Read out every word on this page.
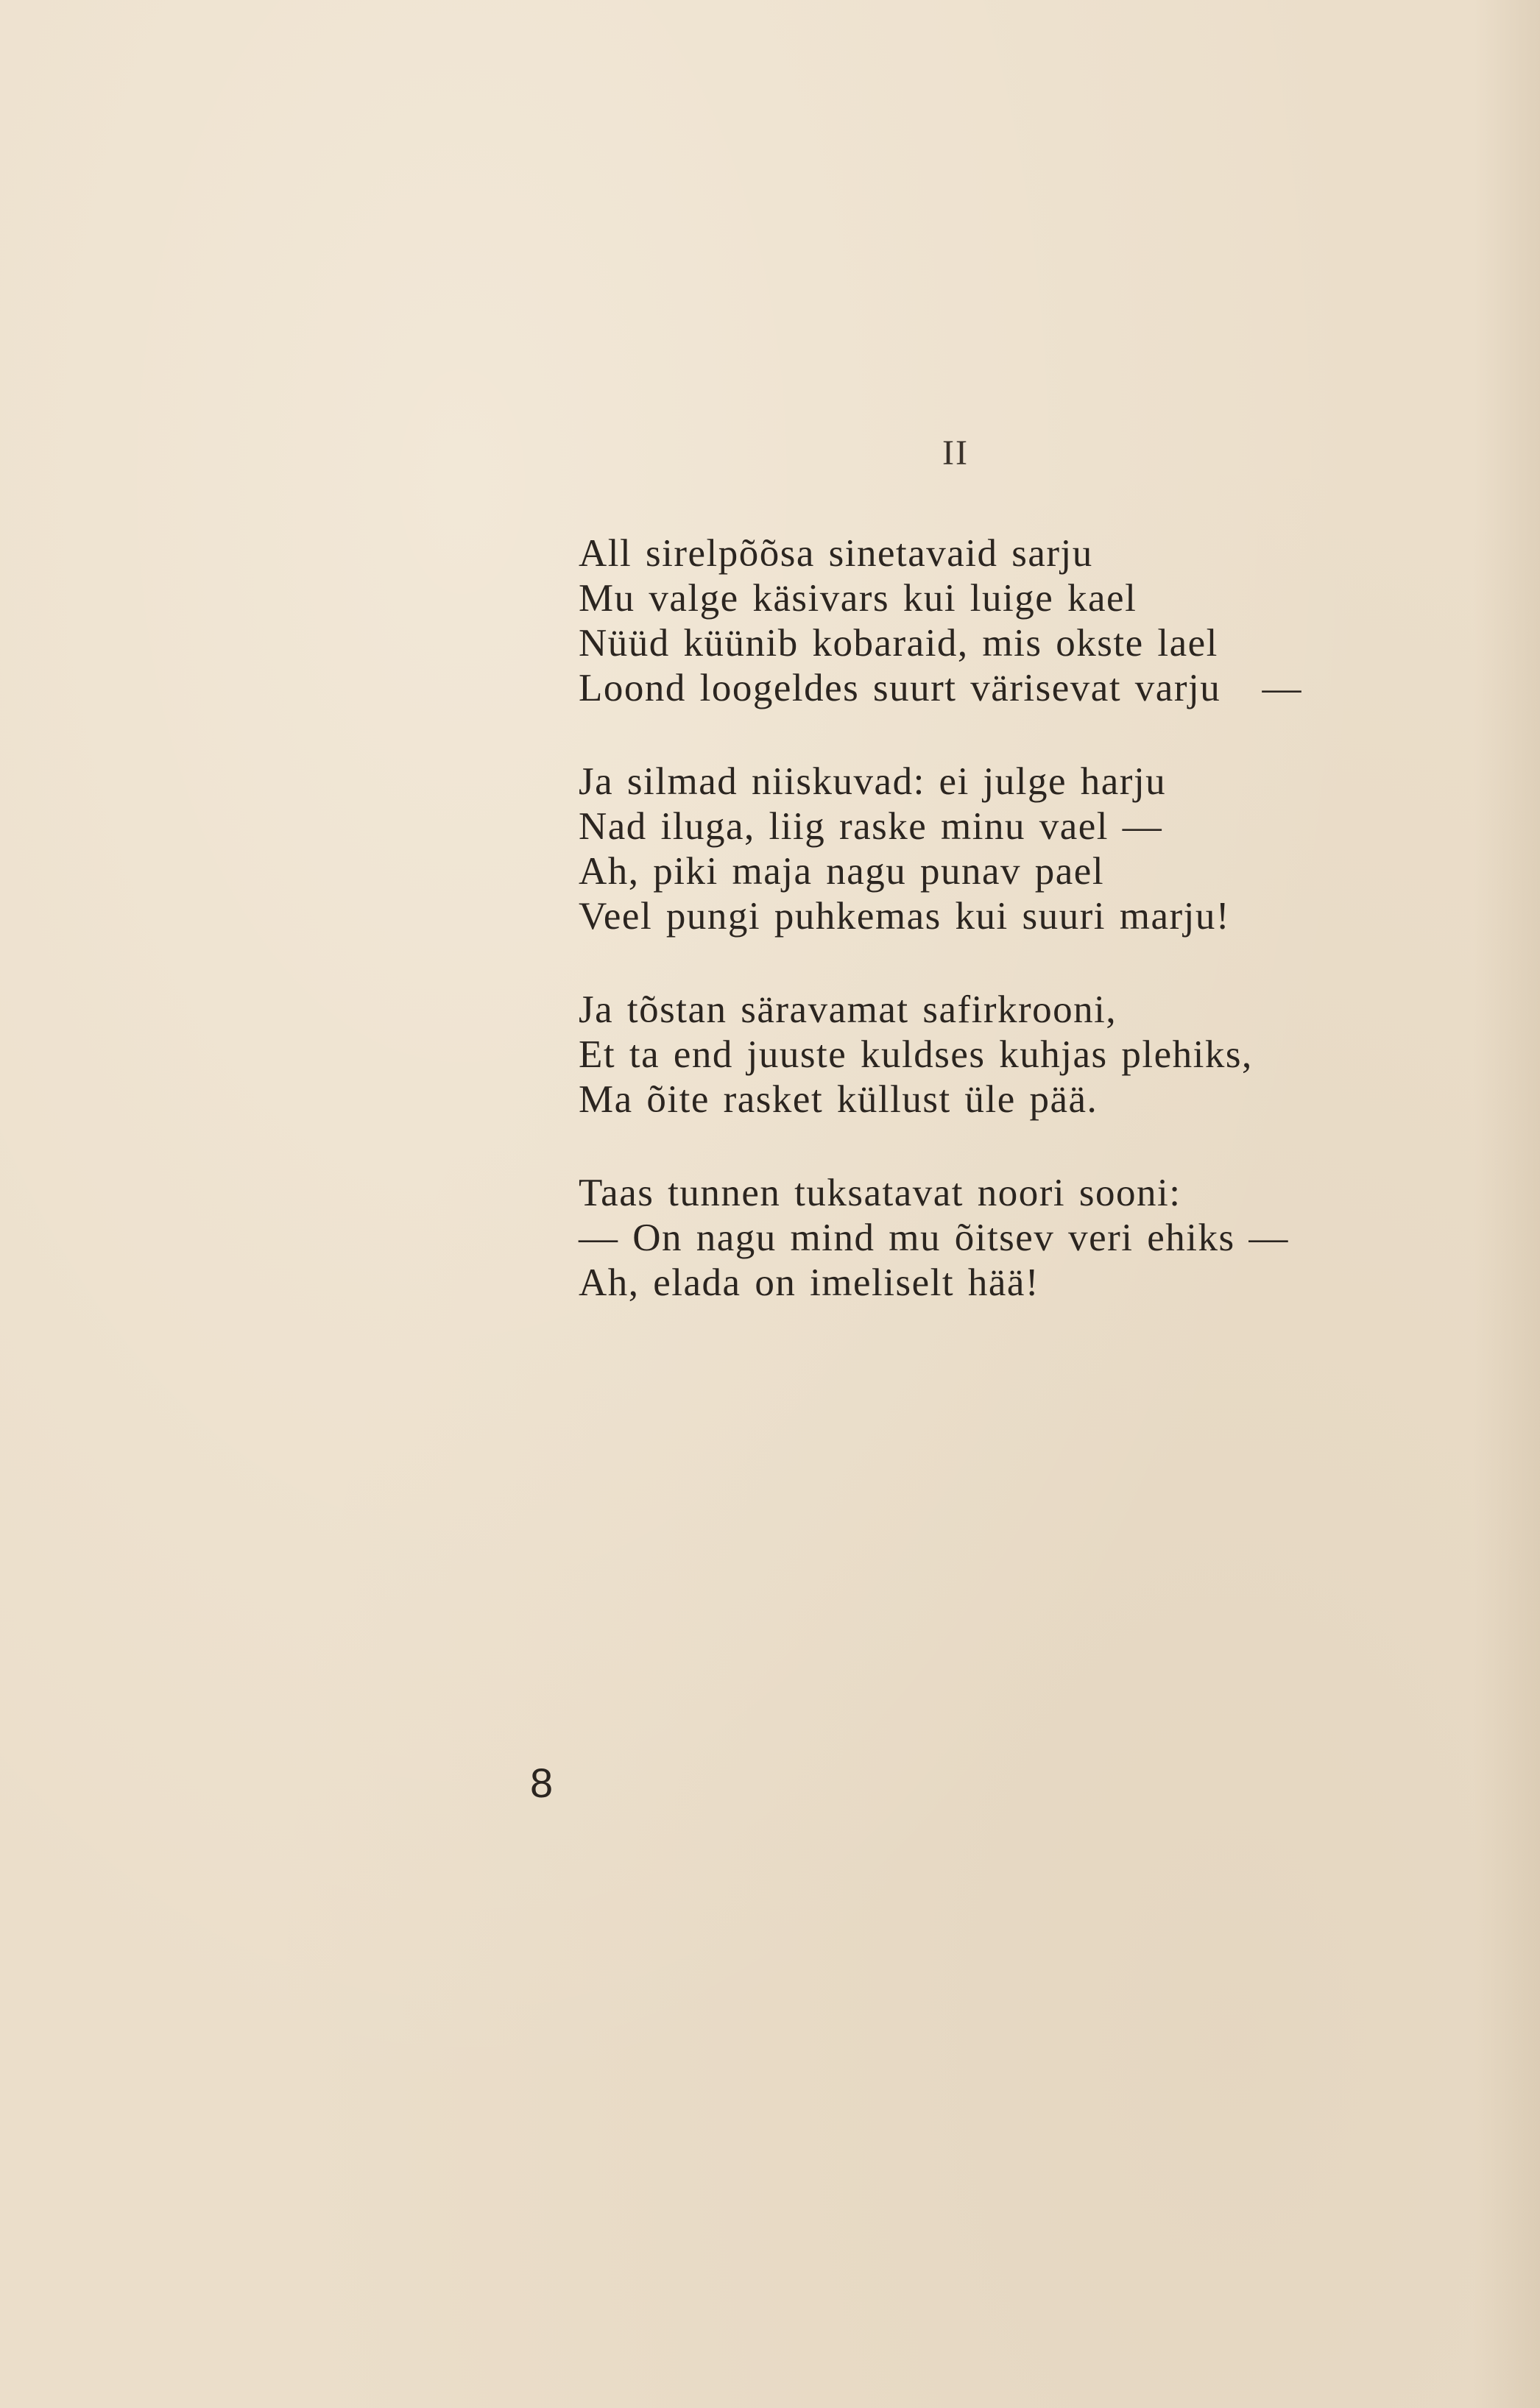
II
All sirelpõõsa sinetavaid sarju
Mu valge käsivars kui luige kael
Nüüd küünib kobaraid, mis okste lael
Loond loogeldes suurt värisevat varju   —
Ja silmad niiskuvad: ei julge harju
Nad iluga, liig raske minu vael —
Ah, piki maja nagu punav pael
Veel pungi puhkemas kui suuri marju!
Ja tõstan säravamat safirkrooni,
Et ta end juuste kuldses kuhjas plehiks,
Ma õite rasket küllust üle pää.
Taas tunnen tuksatavat noori sooni:
— On nagu mind mu õitsev veri ehiks —
Ah, elada on imeliselt hää!
8
